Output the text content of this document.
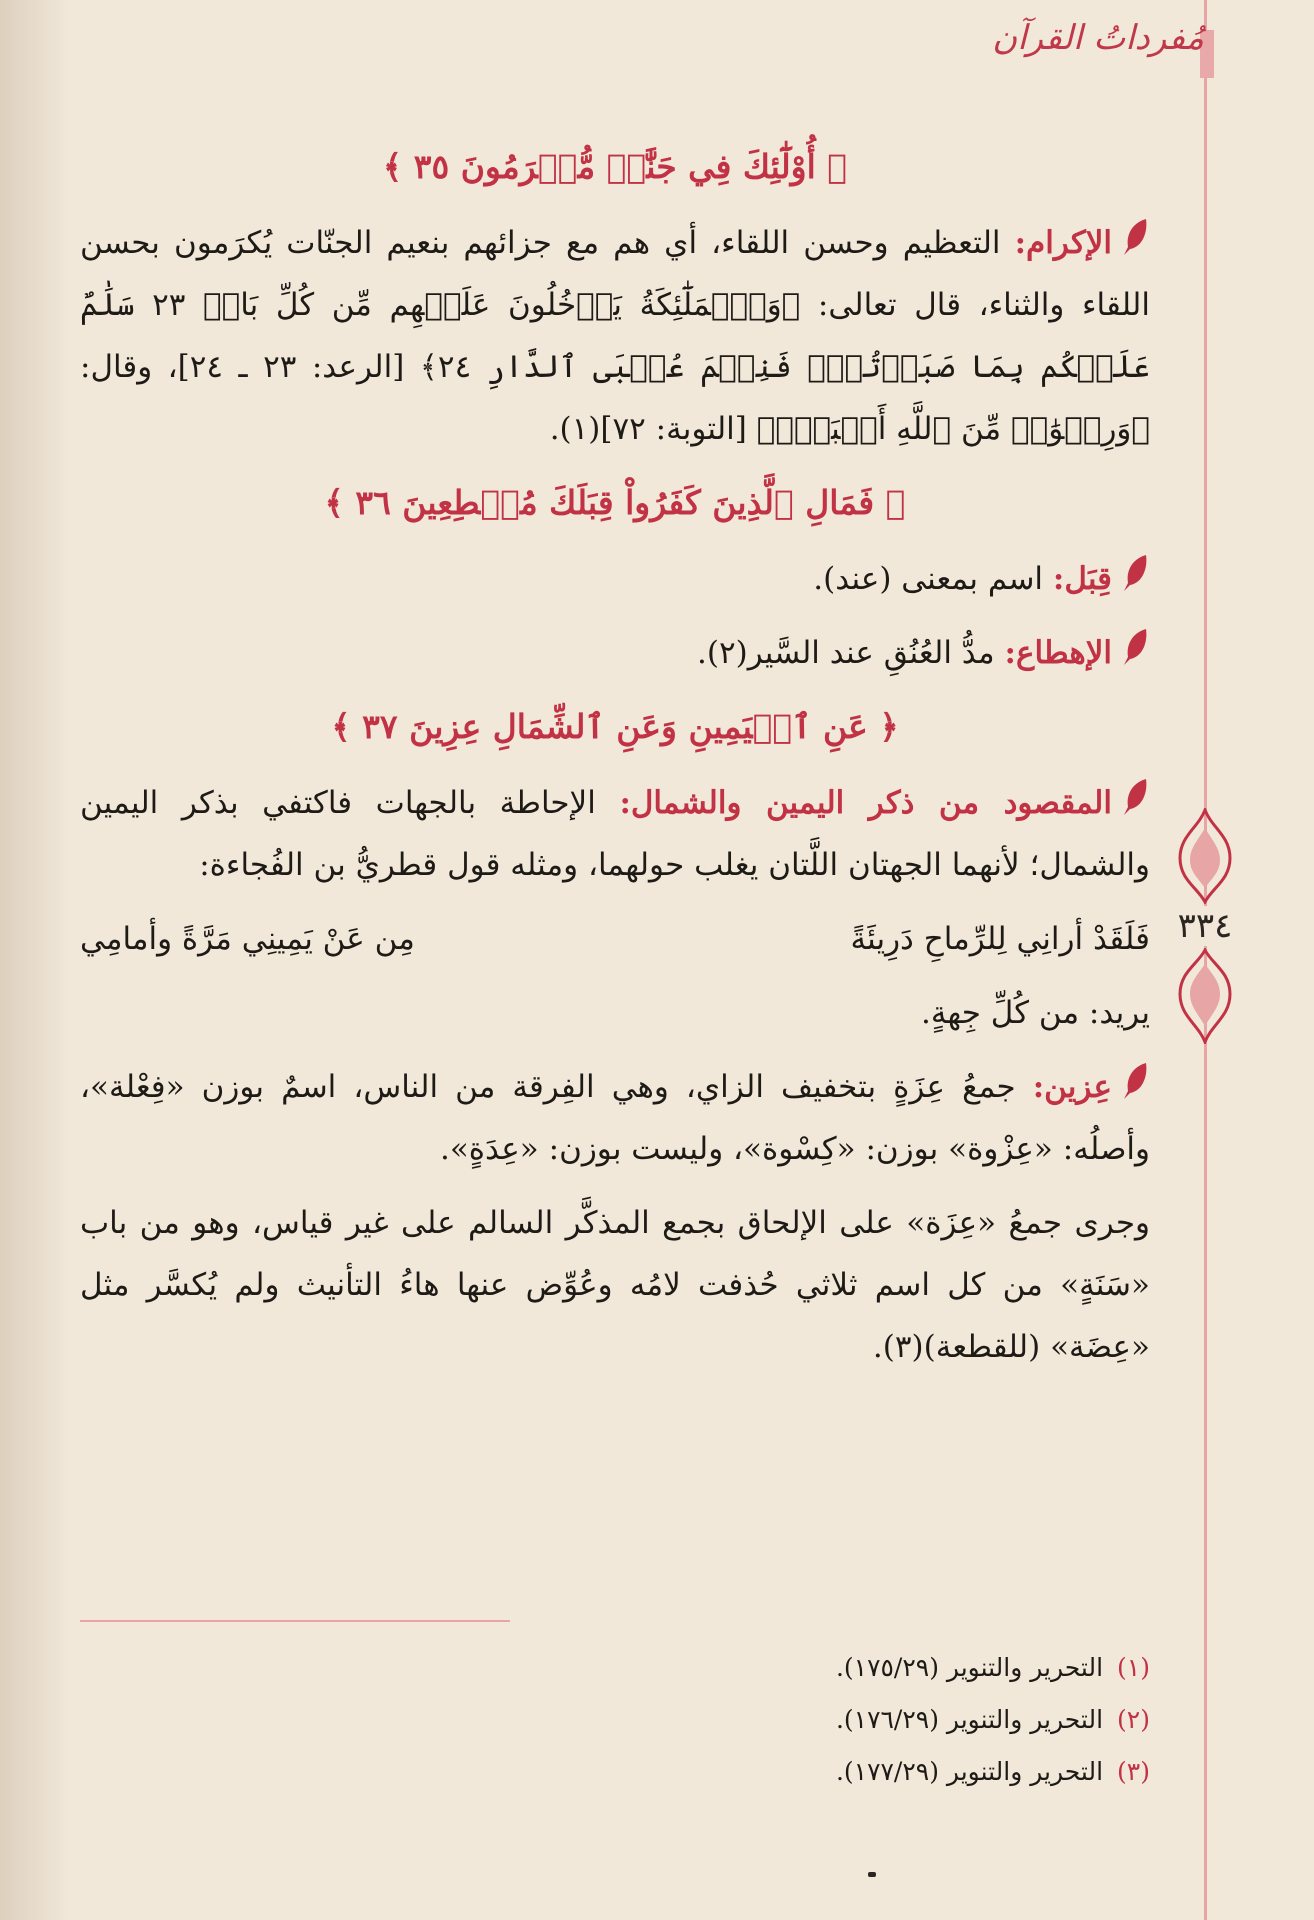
مُفرداتُ القرآن
٣٣٤
﴿ أُوْلَٰٓئِكَ فِي جَنَّٰتٖ مُّكۡرَمُونَ ٣٥ ﴾
الإكرام: التعظيم وحسن اللقاء، أي هم مع جزائهم بنعيم الجنّات يُكرَمون بحسن اللقاء والثناء، قال تعالى: ﴿وَٱلۡمَلَٰٓئِكَةُ يَدۡخُلُونَ عَلَيۡهِم مِّن كُلِّ بَابٖ ٢٣ سَلَٰمٌ عَلَيۡكُم بِمَا صَبَرۡتُمۡۚ فَنِعۡمَ عُقۡبَى ٱلدَّارِ ٢٤﴾ [الرعد: ٢٣ ـ ٢٤]، وقال: ﴿وَرِضۡوَٰنٞ مِّنَ ٱللَّهِ أَكۡبَرُۚ﴾ [التوبة: ٧٢](١).
﴿ فَمَالِ ٱلَّذِينَ كَفَرُواْ قِبَلَكَ مُهۡطِعِينَ ٣٦ ﴾
قِبَل: اسم بمعنى (عند).
الإهطاع: مدُّ العُنُقِ عند السَّير(٢).
﴿ عَنِ ٱلۡيَمِينِ وَعَنِ ٱلشِّمَالِ عِزِينَ ٣٧ ﴾
المقصود من ذكر اليمين والشمال: الإحاطة بالجهات فاكتفي بذكر اليمين والشمال؛ لأنهما الجهتان اللَّتان يغلب حولهما، ومثله قول قطريُّ بن الفُجاءة:
فَلَقَدْ أرانِي لِلرِّماحِ دَرِيئَةً
مِن عَنْ يَمِينِي مَرَّةً وأمامِي
يريد: من كُلِّ جِهةٍ.
عِزين: جمعُ عِزَةٍ بتخفيف الزاي، وهي الفِرقة من الناس، اسمٌ بوزن «فِعْلة»، وأصلُه: «عِزْوة» بوزن: «كِسْوة»، وليست بوزن: «عِدَةٍ».
وجرى جمعُ «عِزَة» على الإلحاق بجمع المذكَّر السالم على غير قياس، وهو من باب «سَنَةٍ» من كل اسم ثلاثي حُذفت لامُه وعُوِّض عنها هاءُ التأنيث ولم يُكسَّر مثل «عِضَة» (للقطعة)(٣).
(١)التحرير والتنوير (١٧٥/٢٩).
(٢)التحرير والتنوير (١٧٦/٢٩).
(٣)التحرير والتنوير (١٧٧/٢٩).
